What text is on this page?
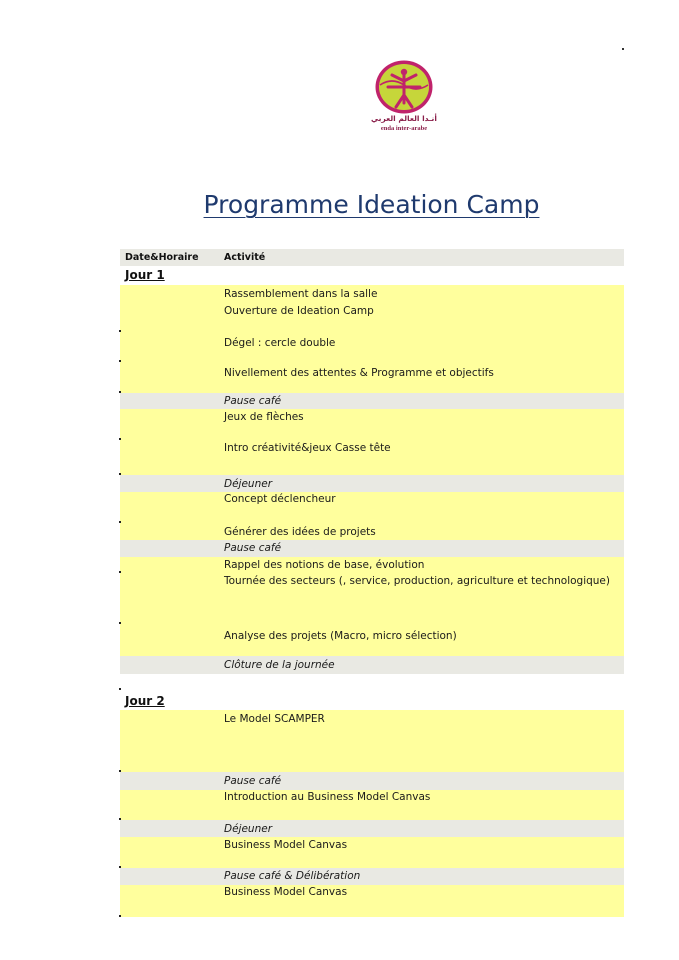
أنـدا العالم العربي
enda inter-arabe
Programme Ideation Camp
Date&Horaire	Activité
Jour 1
Rassemblement dans la salle
Ouverture de Ideation Camp
Dégel : cercle double
Nivellement des attentes & Programme et objectifs
Pause café
Jeux de flèches
Intro créativité&jeux Casse tête
Déjeuner
Concept déclencheur
Générer des idées de projets
Pause café
Rappel des notions de base, évolution
Tournée des secteurs (, service, production, agriculture et technologique)
Analyse des projets (Macro, micro sélection)
Clôture de la journée
Jour 2
Le Model SCAMPER
Pause café
Introduction au Business Model Canvas
Déjeuner
Business Model Canvas
Pause café & Délibération
Business Model Canvas
